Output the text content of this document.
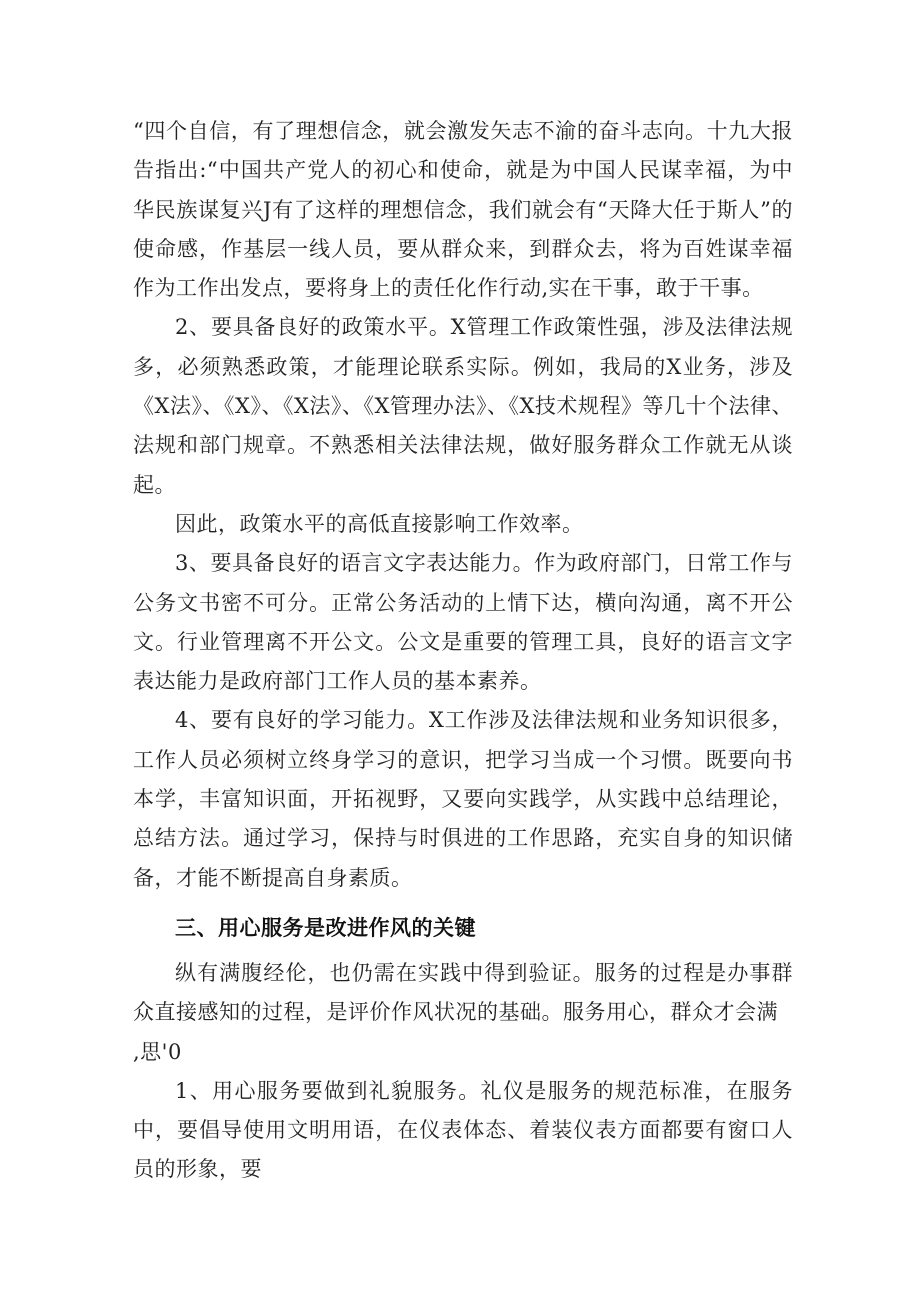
“四个自信，有了理想信念，就会激发矢志不渝的奋斗志向。十九大报告指出:“中国共产党人的初心和使命，就是为中国人民谋幸福，为中华民族谋复兴J有了这样的理想信念，我们就会有“天降大任于斯人”的使命感，作基层一线人员，要从群众来，到群众去，将为百姓谋幸福作为工作出发点，要将身上的责任化作行动,实在干事，敢于干事。

2、要具备良好的政策水平。X管理工作政策性强，涉及法律法规多，必须熟悉政策，才能理论联系实际。例如，我局的X业务，涉及《X法》、《X》、《X法》、《X管理办法》、《X技术规程》等几十个法律、法规和部门规章。不熟悉相关法律法规，做好服务群众工作就无从谈起。

因此，政策水平的高低直接影响工作效率。

3、要具备良好的语言文字表达能力。作为政府部门，日常工作与公务文书密不可分。正常公务活动的上情下达，横向沟通，离不开公文。行业管理离不开公文。公文是重要的管理工具，良好的语言文字表达能力是政府部门工作人员的基本素养。

4、要有良好的学习能力。X工作涉及法律法规和业务知识很多，工作人员必须树立终身学习的意识，把学习当成一个习惯。既要向书本学，丰富知识面，开拓视野，又要向实践学，从实践中总结理论，总结方法。通过学习，保持与时俱进的工作思路，充实自身的知识储备，才能不断提高自身素质。

三、用心服务是改进作风的关键

纵有满腹经伦，也仍需在实践中得到验证。服务的过程是办事群众直接感知的过程，是评价作风状况的基础。服务用心，群众才会满

,思'0

1、用心服务要做到礼貌服务。礼仪是服务的规范标准，在服务中，要倡导使用文明用语，在仪表体态、着装仪表方面都要有窗口人员的形象，要
